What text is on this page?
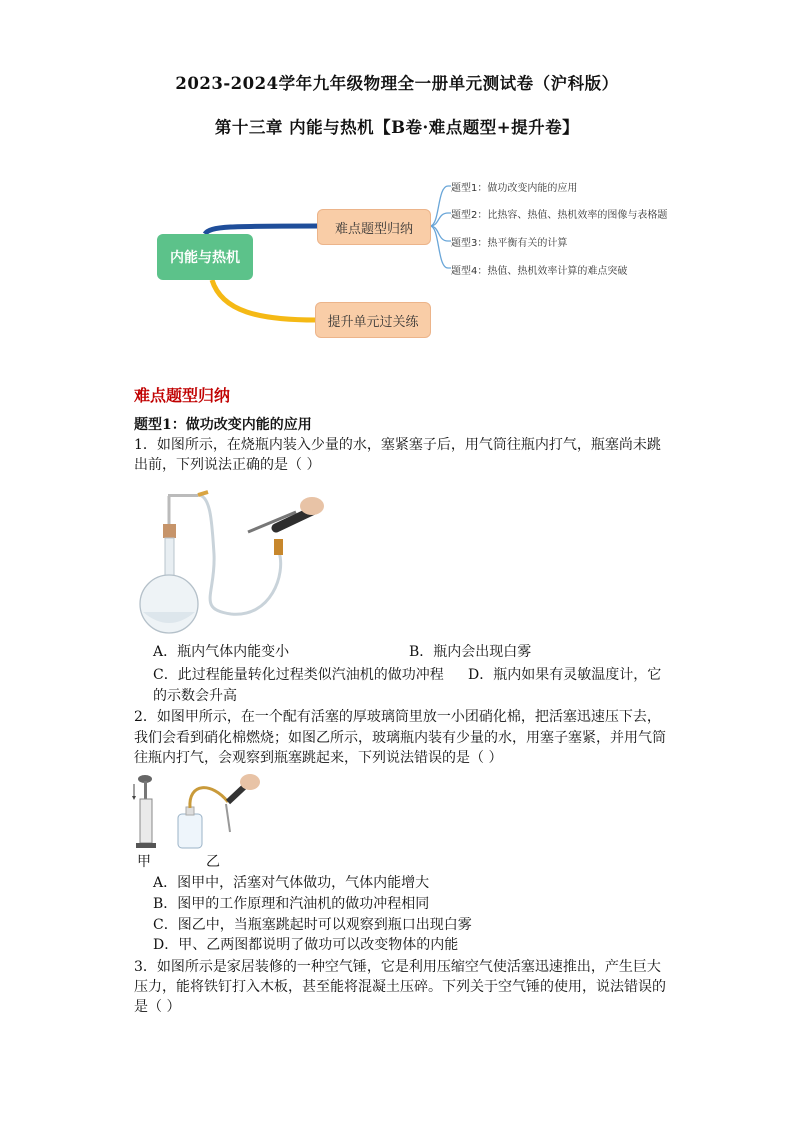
2023-2024学年九年级物理全一册单元测试卷（沪科版）
第十三章 内能与热机【B卷·难点题型+提升卷】
内能与热机
难点题型归纳
提升单元过关练
题型1：做功改变内能的应用
题型2：比热容、热值、热机效率的图像与表格题
题型3：热平衡有关的计算
题型4：热值、热机效率计算的难点突破
难点题型归纳
题型1：做功改变内能的应用
1．如图所示，在烧瓶内装入少量的水，塞紧塞子后，用气筒往瓶内打气，瓶塞尚未跳
出前，下列说法正确的是（ ）
A．瓶内气体内能变小	B．瓶内会出现白雾
C．此过程能量转化过程类似汽油机的做功冲程 D．瓶内如果有灵敏温度计，它
的示数会升高
2．如图甲所示，在一个配有活塞的厚玻璃筒里放一小团硝化棉，把活塞迅速压下去，
我们会看到硝化棉燃烧；如图乙所示，玻璃瓶内装有少量的水，用塞子塞紧，并用气筒
往瓶内打气，会观察到瓶塞跳起来，下列说法错误的是（ ）
甲	乙
A．图甲中，活塞对气体做功，气体内能增大
B．图甲的工作原理和汽油机的做功冲程相同
C．图乙中，当瓶塞跳起时可以观察到瓶口出现白雾
D．甲、乙两图都说明了做功可以改变物体的内能
3．如图所示是家居装修的一种空气锤，它是利用压缩空气使活塞迅速推出，产生巨大
压力，能将铁钉打入木板，甚至能将混凝土压碎。下列关于空气锤的使用，说法错误的
是（ ）
